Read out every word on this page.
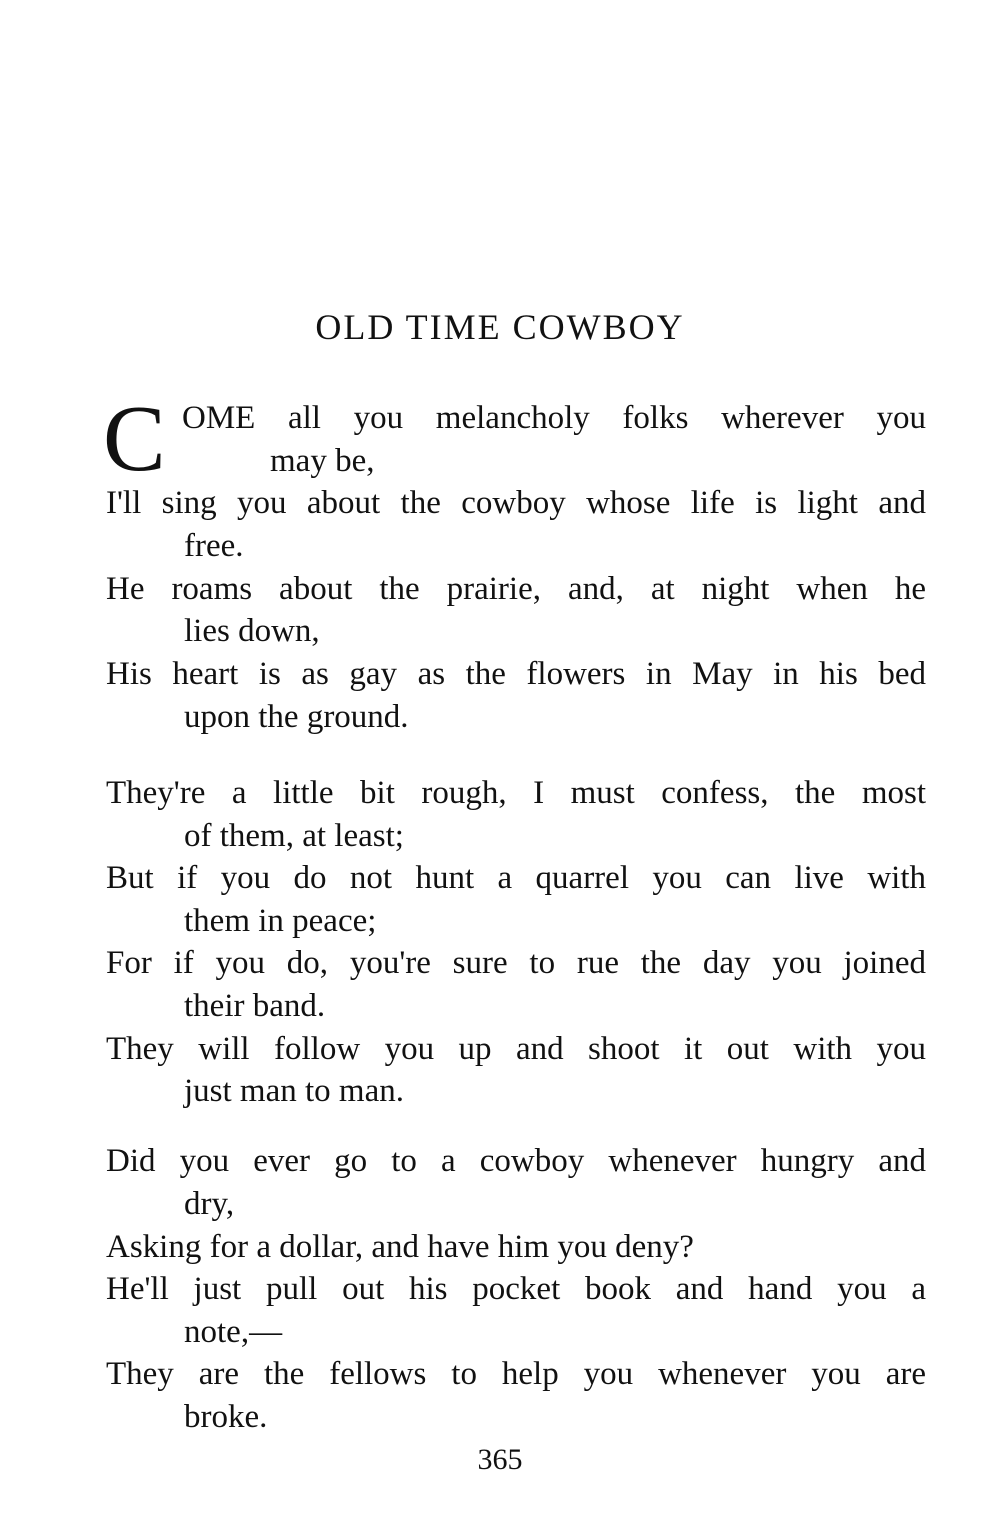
OLD TIME COWBOY
C OME all you melancholy folks wherever you
may be,
I'll sing you about the cowboy whose life is light and
free.
He roams about the prairie, and, at night when he
lies down,
His heart is as gay as the flowers in May in his bed
upon the ground.
They're a little bit rough, I must confess, the most
of them, at least;
But if you do not hunt a quarrel you can live with
them in peace;
For if you do, you're sure to rue the day you joined
their band.
They will follow you up and shoot it out with you
just man to man.
Did you ever go to a cowboy whenever hungry and
dry,
Asking for a dollar, and have him you deny?
He'll just pull out his pocket book and hand you a
note,—
They are the fellows to help you whenever you are
broke.
365
